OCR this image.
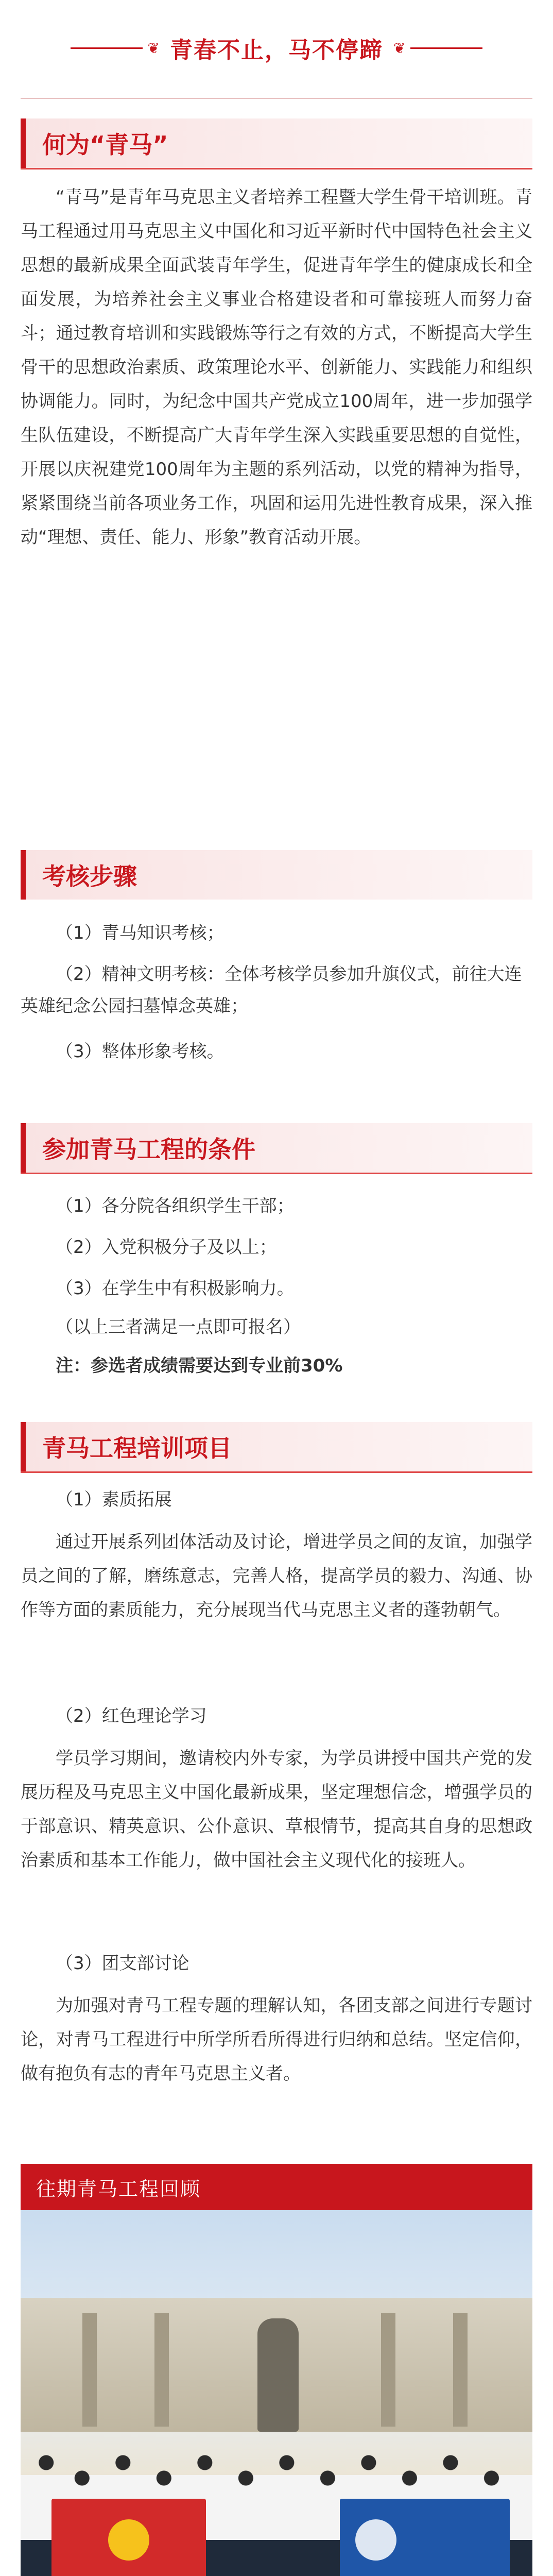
❦ 青春不止，马不停蹄 ❦
何为“青马”
“青马”是青年马克思主义者培养工程暨大学生骨干培训班。青马工程通过用马克思主义中国化和习近平新时代中国特色社会主义思想的最新成果全面武装青年学生，促进青年学生的健康成长和全面发展，为培养社会主义事业合格建设者和可靠接班人而努力奋斗；通过教育培训和实践锻炼等行之有效的方式，不断提高大学生骨干的思想政治素质、政策理论水平、创新能力、实践能力和组织协调能力。同时，为纪念中国共产党成立100周年，进一步加强学生队伍建设，不断提高广大青年学生深入实践重要思想的自觉性，开展以庆祝建党100周年为主题的系列活动，以党的精神为指导，紧紧围绕当前各项业务工作，巩固和运用先进性教育成果，深入推动“理想、责任、能力、形象”教育活动开展。
考核步骤
（1）青马知识考核；
（2）精神文明考核：全体考核学员参加升旗仪式，前往大连英雄纪念公园扫墓悼念英雄；
（3）整体形象考核。
参加青马工程的条件
（1）各分院各组织学生干部；
（2）入党积极分子及以上；
（3）在学生中有积极影响力。
（以上三者满足一点即可报名）
注：参选者成绩需要达到专业前30%
青马工程培训项目
（1）素质拓展
通过开展系列团体活动及讨论，增进学员之间的友谊，加强学员之间的了解，磨练意志，完善人格，提高学员的毅力、沟通、协作等方面的素质能力，充分展现当代马克思主义者的蓬勃朝气。
（2）红色理论学习
学员学习期间，邀请校内外专家，为学员讲授中国共产党的发展历程及马克思主义中国化最新成果，坚定理想信念，增强学员的于部意识、精英意识、公仆意识、草根情节，提高其自身的思想政治素质和基本工作能力，做中国社会主义现代化的接班人。
（3）团支部讨论
为加强对青马工程专题的理解认知，各团支部之间进行专题讨论，对青马工程进行中所学所看所得进行归纳和总结。坚定信仰，做有抱负有志的青年马克思主义者。
往期青马工程回顾
